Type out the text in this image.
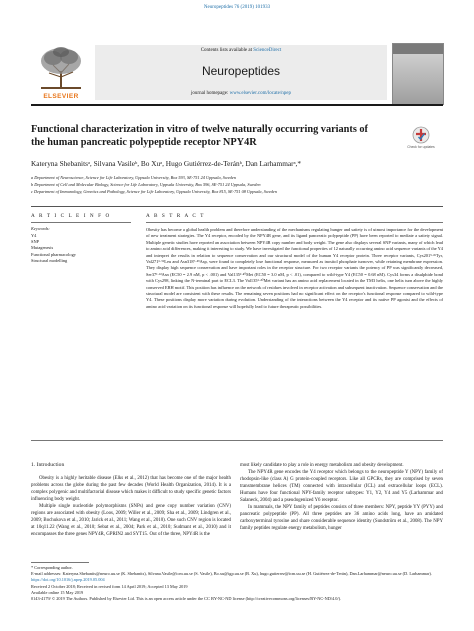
Neuropeptides 76 (2019) 101933
ELSEVIER
Contents lists available at ScienceDirect
Neuropeptides
journal homepage: www.elsevier.com/locate/npep
Functional characterization in vitro of twelve naturally occurring variants of the human pancreatic polypeptide receptor NPY4R	Check for updates
Kateryna Shebanitsᵃ, Silvana Vasileᵇ, Bo Xuᵃ, Hugo Gutiérrez-de-Teránᵇ, Dan Larhammarᵃ,*
a Department of Neuroscience, Science for Life Laboratory, Uppsala University, Box 593, SE-751 24 Uppsala, Sweden
b Department of Cell and Molecular Biology, Science for Life Laboratory, Uppsala University, Box 596, SE-751 24 Uppsala, Sweden
c Department of Immunology, Genetics and Pathology, Science for Life Laboratory, Uppsala University, Box 815, SE-751 08 Uppsala, Sweden
A R T I C L E I N F O
Keywords:
Y4
SNP
Mutagenesis
Functional pharmacology
Structural modelling
A B S T R A C T
Obesity has become a global health problem and therefore understanding of the mechanisms regulating hunger and satiety is of utmost importance for the development of new treatment strategies. The Y4 receptor, encoded by the NPY4R gene, and its ligand pancreatic polypeptide (PP) have been reported to mediate a satiety signal. Multiple genetic studies have reported an association between NPY4R copy number and body weight. The gene also displays several SNP variants, many of which lead to amino acid differences, making it interesting to study. We have investigated the functional properties of 12 naturally occurring amino acid sequence variants of the Y4 and interpret the results in relation to sequence conservation and our structural model of the human Y4 receptor protein. Three receptor variants, Cys201⁵·³⁶Tyr, Val271⁶·⁵³Leu and Asn318⁷·⁴⁹Asp, were found to completely lose functional response, measured as inositol phosphate turnover, while retaining membrane expression. They display high sequence conservation and have important roles in the receptor structure. For two receptor variants the potency of PP was significantly decreased, Ser37¹·³²Asn (EC50 = 2.9 nM, p < .001) and Val135³·⁴⁰Met (EC50 = 3.0 nM, p < .01), compared to wild-type Y4 (EC50 = 0.68 nM). Cys34 forms a disulphide bond with Cys298, linking the N-terminal part to ECL3. The Val135³·⁴⁰Met variant has an amino acid replacement located in the TM3 helix, one helix turn above the highly conserved ERH motif. This position has influence on the network of residues involved in receptor activation and subsequent inactivation. Sequence conservation and the structural model are consistent with these results. The remaining seven positions had no significant effect on the receptor's functional response compared to wild-type Y4. These positions display more variation during evolution. Understanding of the interactions between the Y4 receptor and its native PP agonist and the effects of amino acid variation on its functional response will hopefully lead to future therapeutic possibilities.
1. Introduction

Obesity is a highly heritable disease (Elks et al., 2012) that has become one of the major health problems across the globe during the past few decades (World Health Organization, 2014). It is a complex polygenic and multifactorial disease which makes it difficult to study specific genetic factors influencing body weight.

Multiple single nucleotide polymorphisms (SNPs) and gene copy number variation (CNV) regions are associated with obesity (Loos, 2009; Willer et al., 2009; Sha et al., 2009; Lindgren et al., 2009; Bochukova et al., 2010; Jarick et al., 2011; Wang et al., 2010). One such CNV region is located at 10q11.22 (Wang et al., 2010; Sebat et al., 2004; Park et al., 2010; Sudmant et al., 2010) and it encompasses the three genes NPY4R, GPRIN2 and SYT15. Out of the three, NPY4R is the

most likely candidate to play a role in energy metabolism and obesity development.

The NPY4R gene encodes the Y4 receptor which belongs to the neuropeptide Y (NPY) family of rhodopsin-like (class A) G protein-coupled receptors. Like all GPCRs, they are comprised by seven transmembrane helices (TM) connected with intracellular (ICL) and extracellular loops (ECL). Humans have four functional NPY-family receptor subtypes: Y1, Y2, Y4 and Y5 (Larhammar and Salaneck, 2004) and a pseudogenized Y6 receptor.

In mammals, the NPY family of peptides consists of three members: NPY, peptide YY (PYY) and pancreatic polypeptide (PP). All three peptides are 36 amino acids long, have an amidated carboxyterminal tyrosine and share considerable sequence identity (Sundström et al., 2008). The NPY family peptides regulate energy metabolism, hunger

* Corresponding author.
E-mail addresses: Kateryna.Shebanits@neuro.uu.se (K. Shebanits), Silvana.Vasile@icm.uu.se (S. Vasile), Bo.xu@igp.uu.se (B. Xu), hugo.gutierrez@icm.uu.se (H. Gutiérrez-de-Terán), Dan.Larhammar@neuro.uu.se (D. Larhammar).
https://doi.org/10.1016/j.npep.2019.05.004
Received 2 October 2018; Received in revised form 14 April 2019; Accepted 13 May 2019
Available online 15 May 2019
0143-4179/ © 2019 The Authors. Published by Elsevier Ltd. This is an open access article under the CC BY-NC-ND license (http://creativecommons.org/licenses/BY-NC-ND/4.0/).
